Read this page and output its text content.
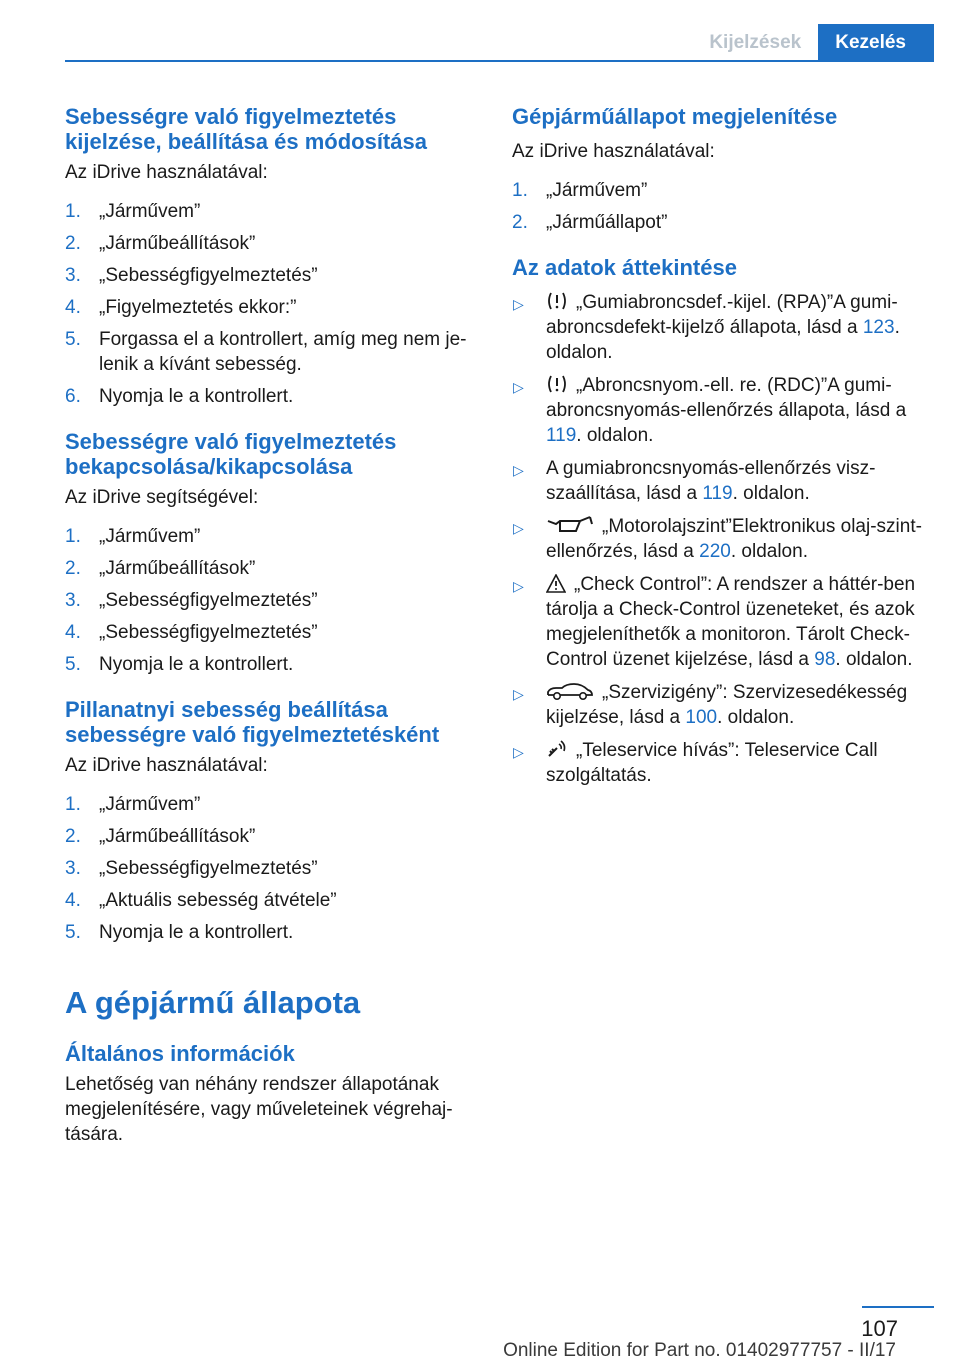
Kijelzések	Kezelés
Sebességre való figyelmeztetés
kijelzése, beállítása és módosítása

Az iDrive használatával:

1. „Járművem”
2. „Járműbeállítások”
3. „Sebességfigyelmeztetés”
4. „Figyelmeztetés ekkor:”
5. Forgassa el a kontrollert, amíg meg nem je-lenik a kívánt sebesség.
6. Nyomja le a kontrollert.
Sebességre való figyelmeztetés
bekapcsolása/kikapcsolása

Az iDrive segítségével:

1. „Járművem”
2. „Járműbeállítások”
3. „Sebességfigyelmeztetés”
4. „Sebességfigyelmeztetés”
5. Nyomja le a kontrollert.
Pillanatnyi sebesség beállítása
sebességre való figyelmeztetésként

Az iDrive használatával:

1. „Járművem”
2. „Járműbeállítások”
3. „Sebességfigyelmeztetés”
4. „Aktuális sebesség átvétele”
5. Nyomja le a kontrollert.
A gépjármű állapota
Általános információk

Lehetőség van néhány rendszer állapotának megjelenítésére, vagy műveleteinek végrehaj-tására.

Gépjárműállapot megjelenítése

Az iDrive használatával:

1. „Járművem”
2. „Járműállapot”
Az adatok áttekintése
▷	„Gumiabroncsdef.-kijel. (RPA)”A gumi-abroncsdefekt-kijelző állapota, lásd a 123. oldalon.
▷	„Abroncsnyom.-ell. re. (RDC)”A gumi-abroncsnyomás-ellenőrzés állapota, lásd a 119. oldalon.
▷ A gumiabroncsnyomás-ellenőrzés visz-szaállítása, lásd a 119. oldalon.
▷	„Motorolajszint”Elektronikus olaj-szint-ellenőrzés, lásd a 220. oldalon.
▷	„Check Control”: A rendszer a háttér-ben tárolja a Check-Control üzeneteket, és azok megjeleníthetők a monitoron. Tárolt Check-Control üzenet kijelzése, lásd a 98. oldalon.
▷	„Szervizigény”: Szervizesedékesség kijelzése, lásd a 100. oldalon.
▷	„Teleservice hívás”: Teleservice Call szolgáltatás.
107
Online Edition for Part no. 01402977757 - II/17
